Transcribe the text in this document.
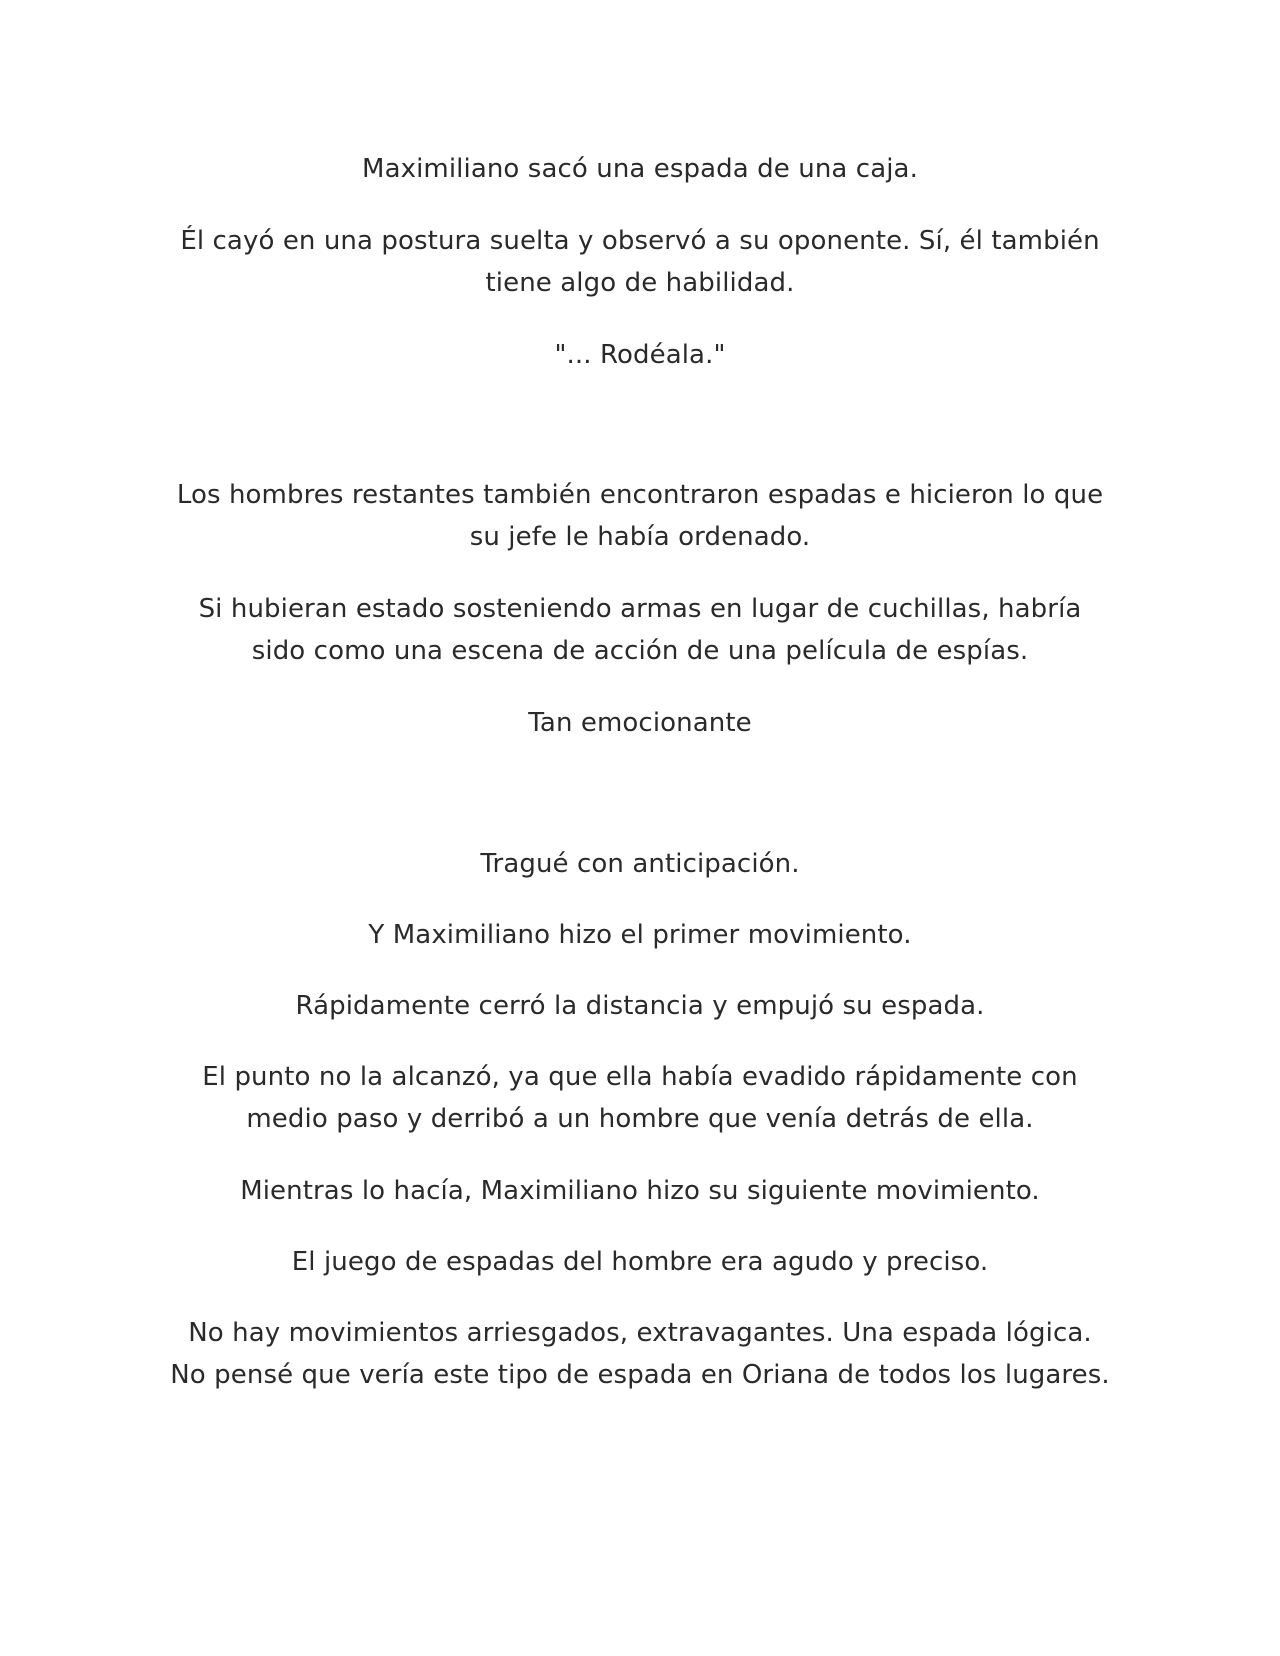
Maximiliano sacó una espada de una caja.

Él cayó en una postura suelta y observó a su oponente. Sí, él también tiene algo de habilidad.

"... Rodéala."

Los hombres restantes también encontraron espadas e hicieron lo que su jefe le había ordenado.

Si hubieran estado sosteniendo armas en lugar de cuchillas, habría sido como una escena de acción de una película de espías.

Tan emocionante

Tragué con anticipación.

Y Maximiliano hizo el primer movimiento.

Rápidamente cerró la distancia y empujó su espada.

El punto no la alcanzó, ya que ella había evadido rápidamente con medio paso y derribó a un hombre que venía detrás de ella.

Mientras lo hacía, Maximiliano hizo su siguiente movimiento.

El juego de espadas del hombre era agudo y preciso.

No hay movimientos arriesgados, extravagantes. Una espada lógica. No pensé que vería este tipo de espada en Oriana de todos los lugares.
